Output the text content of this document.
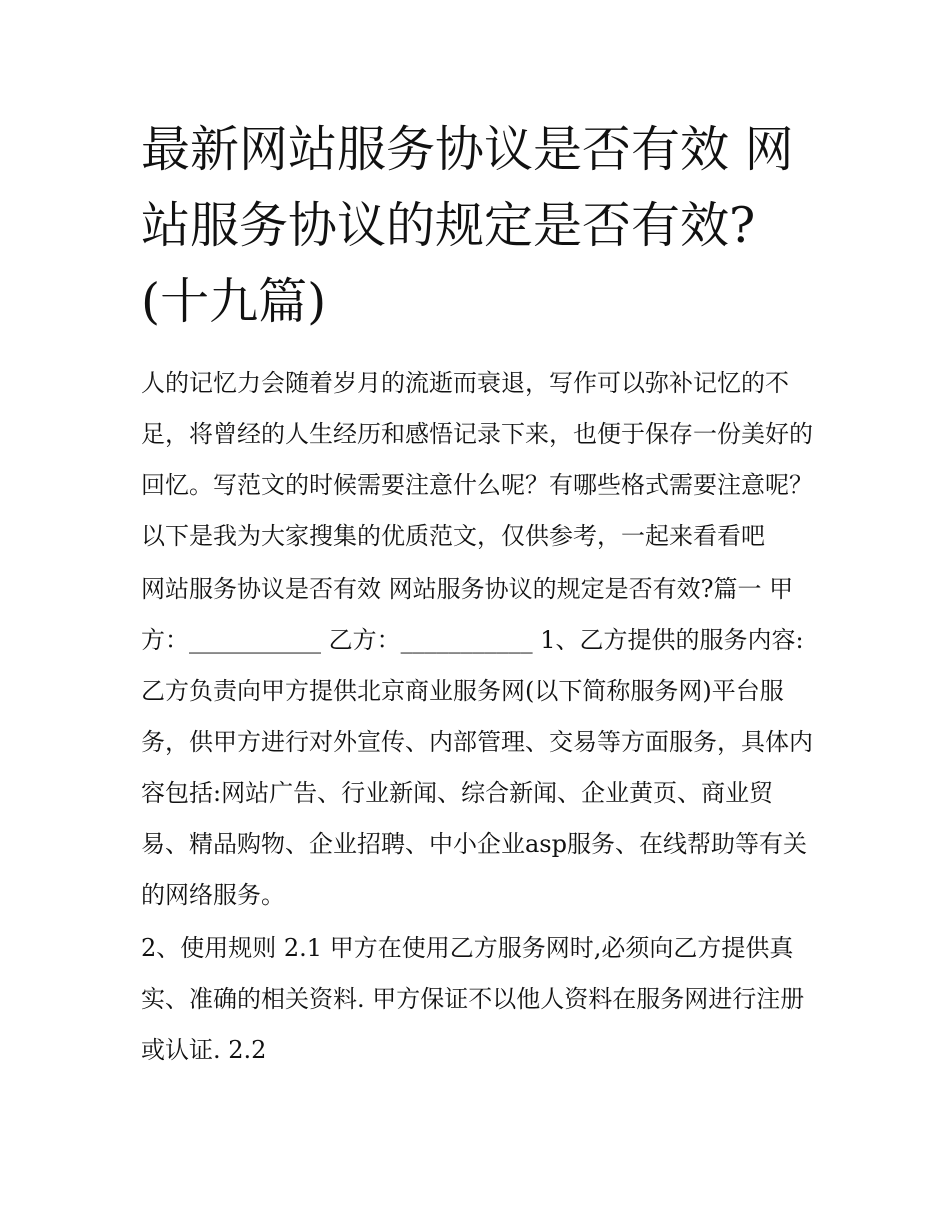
最新网站服务协议是否有效 网站服务协议的规定是否有效?(十九篇)

人的记忆力会随着岁月的流逝而衰退，写作可以弥补记忆的不足，将曾经的人生经历和感悟记录下来，也便于保存一份美好的回忆。写范文的时候需要注意什么呢？有哪些格式需要注意呢？以下是我为大家搜集的优质范文，仅供参考，一起来看看吧

网站服务协议是否有效 网站服务协议的规定是否有效?篇一 甲方：___________ 乙方：___________ 1、乙方提供的服务内容:乙方负责向甲方提供北京商业服务网(以下简称服务网)平台服务，供甲方进行对外宣传、内部管理、交易等方面服务，具体内容包括:网站广告、行业新闻、综合新闻、企业黄页、商业贸易、精品购物、企业招聘、中小企业asp服务、在线帮助等有关的网络服务。

2、使用规则 2.1 甲方在使用乙方服务网时,必须向乙方提供真实、准确的相关资料. 甲方保证不以他人资料在服务网进行注册或认证. 2.2
